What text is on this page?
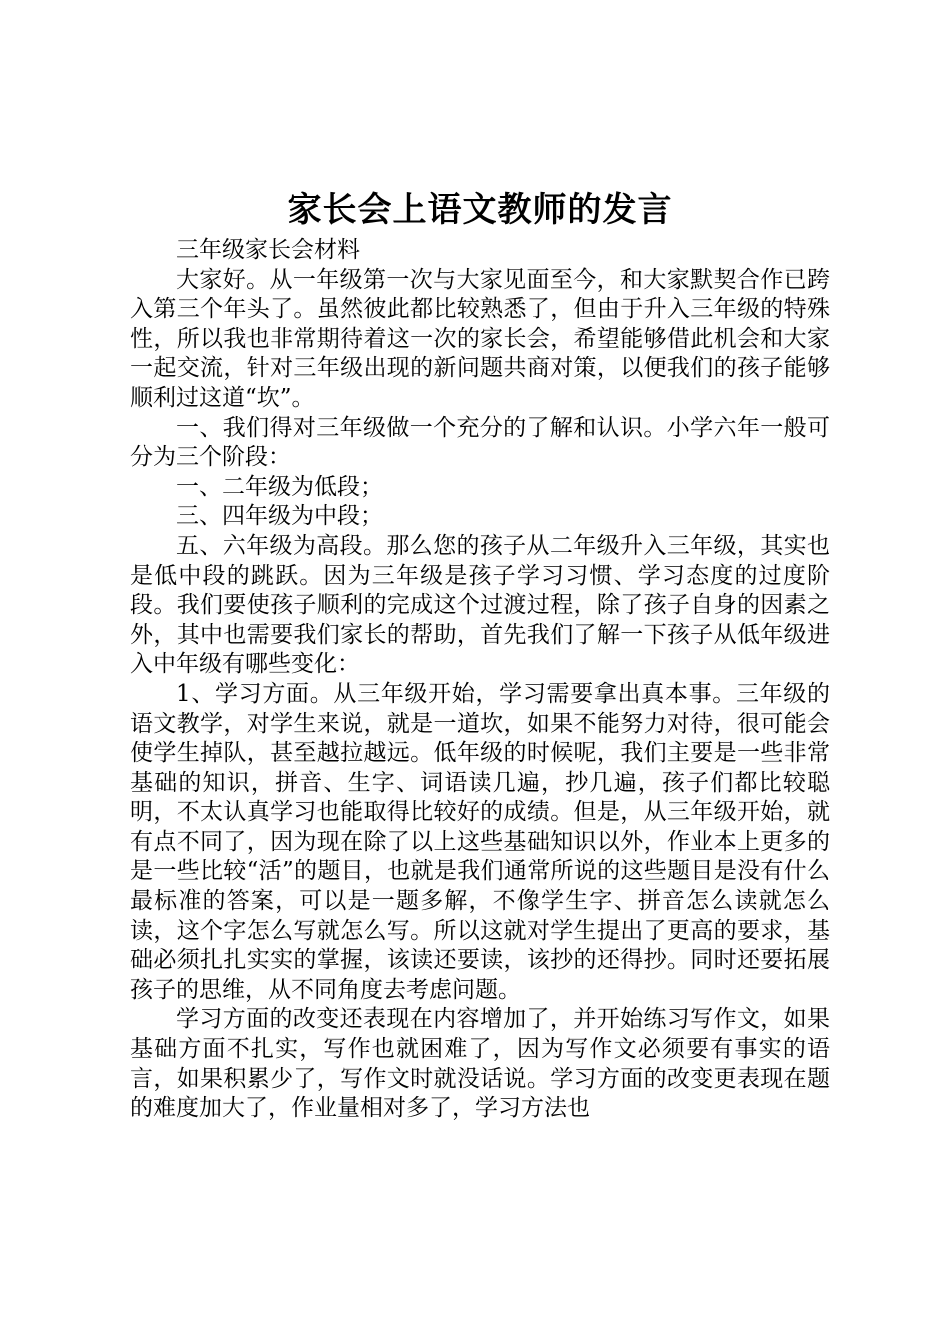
家长会上语文教师的发言

三年级家长会材料

大家好。从一年级第一次与大家见面至今，和大家默契合作已跨入第三个年头了。虽然彼此都比较熟悉了，但由于升入三年级的特殊性，所以我也非常期待着这一次的家长会，希望能够借此机会和大家一起交流，针对三年级出现的新问题共商对策，以便我们的孩子能够顺利过这道“坎”。

一、我们得对三年级做一个充分的了解和认识。小学六年一般可分为三个阶段：

一、二年级为低段；

三、四年级为中段；

五、六年级为高段。那么您的孩子从二年级升入三年级，其实也是低中段的跳跃。因为三年级是孩子学习习惯、学习态度的过度阶段。我们要使孩子顺利的完成这个过渡过程，除了孩子自身的因素之外，其中也需要我们家长的帮助，首先我们了解一下孩子从低年级进入中年级有哪些变化：

1、学习方面。从三年级开始，学习需要拿出真本事。三年级的语文教学，对学生来说，就是一道坎，如果不能努力对待，很可能会使学生掉队，甚至越拉越远。低年级的时候呢，我们主要是一些非常基础的知识，拼音、生字、词语读几遍，抄几遍，孩子们都比较聪明，不太认真学习也能取得比较好的成绩。但是，从三年级开始，就有点不同了，因为现在除了以上这些基础知识以外，作业本上更多的是一些比较“活”的题目，也就是我们通常所说的这些题目是没有什么最标准的答案，可以是一题多解，不像学生字、拼音怎么读就怎么读，这个字怎么写就怎么写。所以这就对学生提出了更高的要求，基础必须扎扎实实的掌握，该读还要读，该抄的还得抄。同时还要拓展孩子的思维，从不同角度去考虑问题。

学习方面的改变还表现在内容增加了，并开始练习写作文，如果基础方面不扎实，写作也就困难了，因为写作文必须要有事实的语言，如果积累少了，写作文时就没话说。学习方面的改变更表现在题的难度加大了，作业量相对多了，学习方法也
